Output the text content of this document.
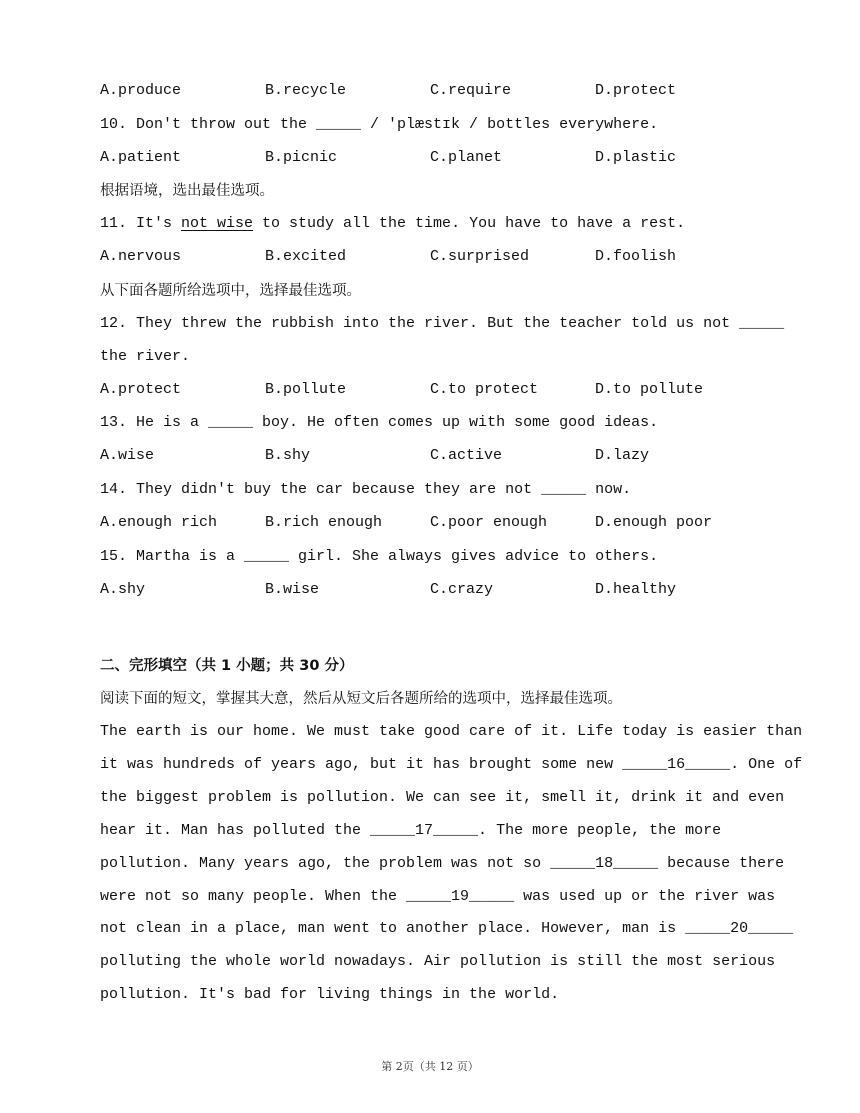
A.produce	B.recycle	C.require	D.protect
10. Don't throw out the _____ / 'plæstɪk / bottles everywhere.
A.patient	B.picnic	C.planet	D.plastic
根据语境，选出最佳选项。
11. It's not wise to study all the time. You have to have a rest.
A.nervous	B.excited	C.surprised	D.foolish
从下面各题所给选项中，选择最佳选项。
12. They threw the rubbish into the river. But the teacher told us not _____
the river.
A.protect	B.pollute	C.to protect	D.to pollute
13. He is a _____ boy. He often comes up with some good ideas.
A.wise	B.shy	C.active	D.lazy
14. They didn't buy the car because they are not _____ now.
A.enough rich	B.rich enough	C.poor enough	D.enough poor
15. Martha is a _____ girl. She always gives advice to others.
A.shy	B.wise	C.crazy	D.healthy
二、完形填空（共 1 小题；共 30 分）
阅读下面的短文，掌握其大意，然后从短文后各题所给的选项中，选择最佳选项。
The earth is our home. We must take good care of it. Life today is easier than
it was hundreds of years ago, but it has brought some new _____16_____. One of
the biggest problem is pollution. We can see it, smell it, drink it and even
hear it. Man has polluted the _____17_____. The more people, the more
pollution. Many years ago, the problem was not so _____18_____ because there
were not so many people. When the _____19_____ was used up or the river was
not clean in a place, man went to another place. However, man is _____20_____
polluting the whole world nowadays. Air pollution is still the most serious
pollution. It's bad for living things in the world.
第 2页（共 12 页）
